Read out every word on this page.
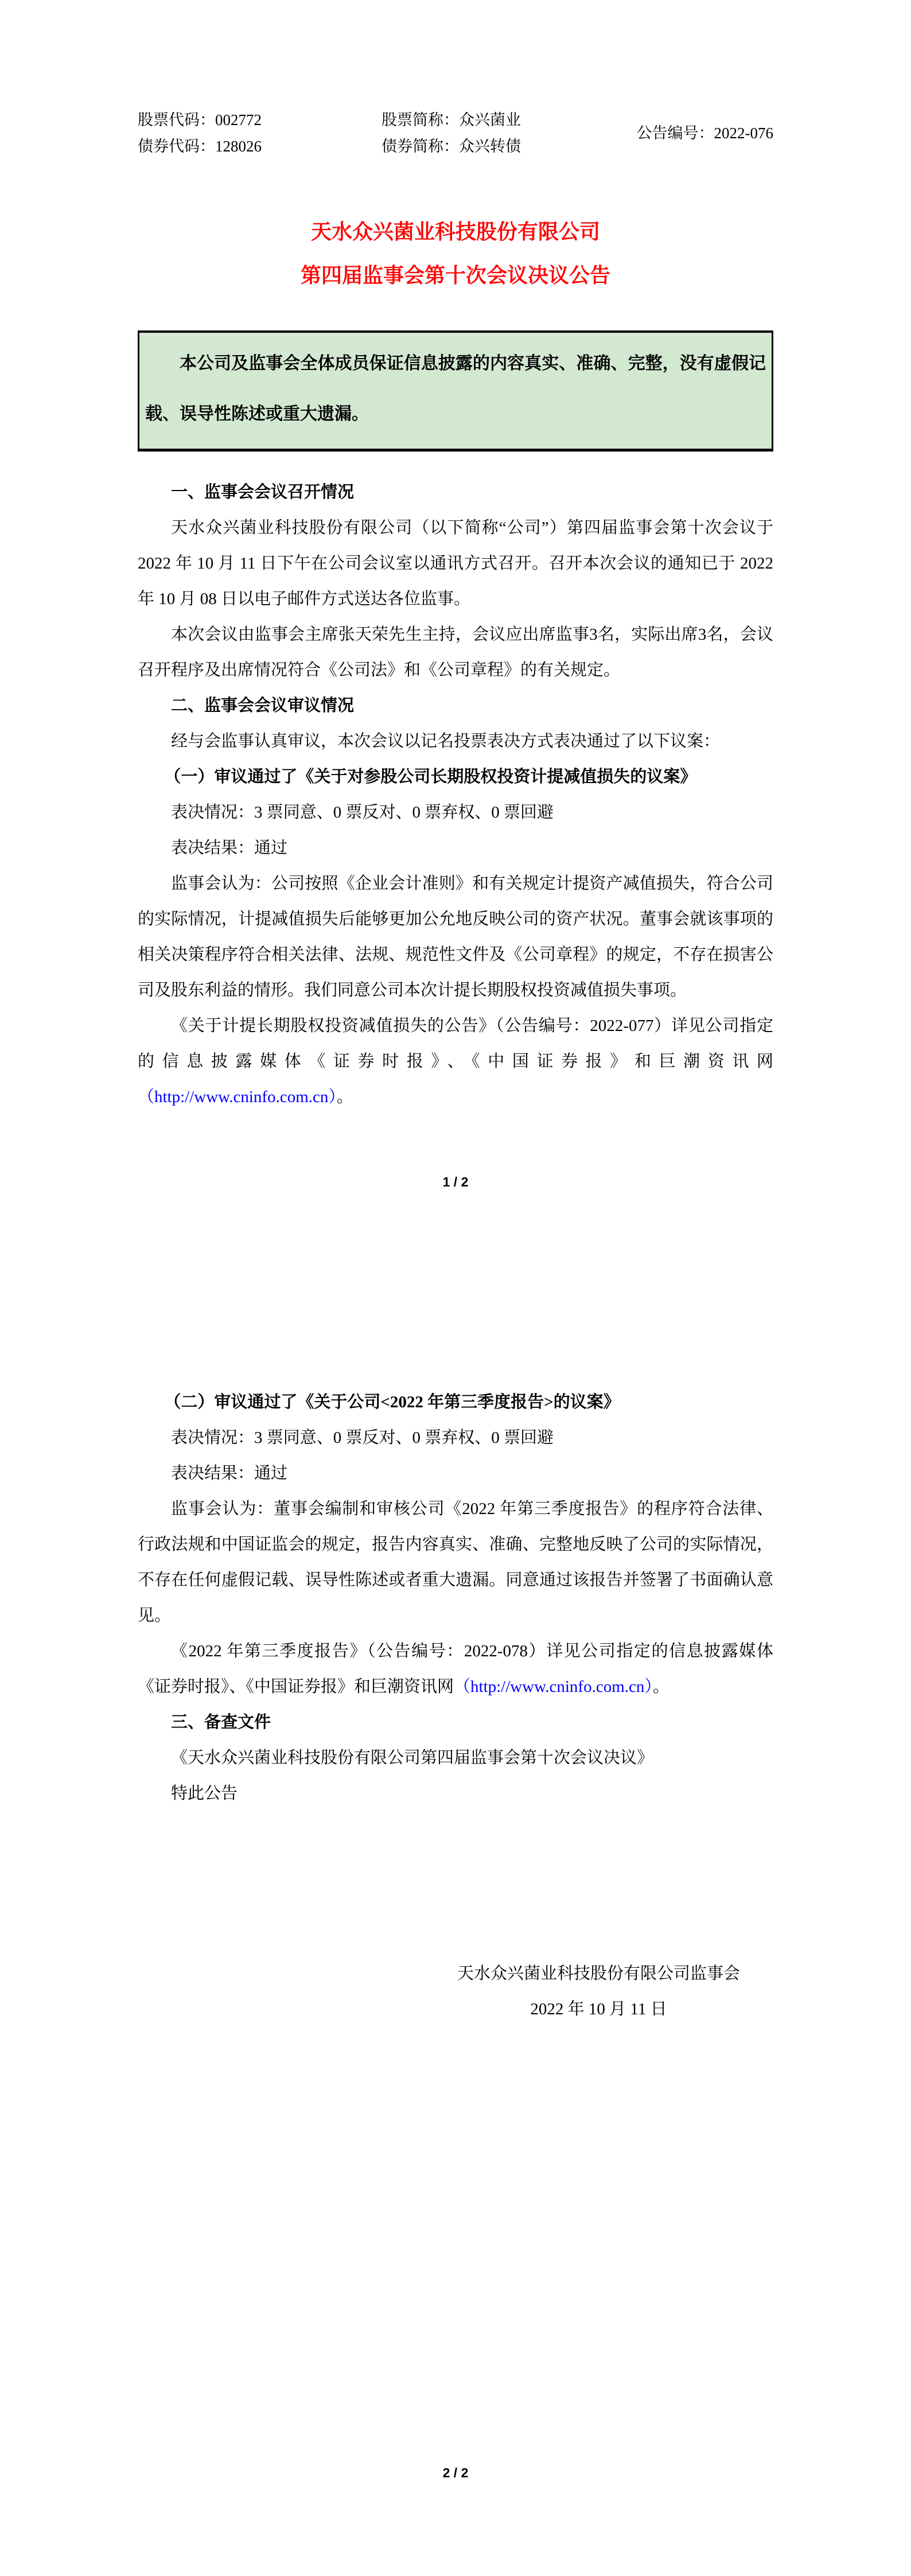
股票代码：002772
债券代码：128026
股票简称：众兴菌业
债券简称：众兴转债
公告编号：2022-076
天水众兴菌业科技股份有限公司
第四届监事会第十次会议决议公告

本公司及监事会全体成员保证信息披露的内容真实、准确、完整，没有虚假记载、误导性陈述或重大遗漏。

一、监事会会议召开情况

天水众兴菌业科技股份有限公司（以下简称“公司”）第四届监事会第十次会议于 2022 年 10 月 11 日下午在公司会议室以通讯方式召开。召开本次会议的通知已于 2022 年 10 月 08 日以电子邮件方式送达各位监事。

本次会议由监事会主席张天荣先生主持，会议应出席监事3名，实际出席3名，会议召开程序及出席情况符合《公司法》和《公司章程》的有关规定。

二、监事会会议审议情况

经与会监事认真审议，本次会议以记名投票表决方式表决通过了以下议案：

（一）审议通过了《关于对参股公司长期股权投资计提减值损失的议案》

表决情况：3 票同意、0 票反对、0 票弃权、0 票回避

表决结果：通过

监事会认为：公司按照《企业会计准则》和有关规定计提资产减值损失，符合公司的实际情况，计提减值损失后能够更加公允地反映公司的资产状况。董事会就该事项的相关决策程序符合相关法律、法规、规范性文件及《公司章程》的规定，不存在损害公司及股东利益的情形。我们同意公司本次计提长期股权投资减值损失事项。

《关于计提长期股权投资减值损失的公告》（公告编号：2022-077）详见公司指定的信息披露媒体《证券时报》、《中国证券报》和巨潮资讯网（http://www.cninfo.com.cn）。

1 / 2

（二）审议通过了《关于公司<2022 年第三季度报告>的议案》

表决情况：3 票同意、0 票反对、0 票弃权、0 票回避

表决结果：通过

监事会认为：董事会编制和审核公司《2022 年第三季度报告》的程序符合法律、行政法规和中国证监会的规定，报告内容真实、准确、完整地反映了公司的实际情况，不存在任何虚假记载、误导性陈述或者重大遗漏。同意通过该报告并签署了书面确认意见。

《2022 年第三季度报告》（公告编号：2022-078）详见公司指定的信息披露媒体《证券时报》、《中国证券报》和巨潮资讯网（http://www.cninfo.com.cn）。

三、备查文件

《天水众兴菌业科技股份有限公司第四届监事会第十次会议决议》

特此公告

天水众兴菌业科技股份有限公司监事会
2022 年 10 月 11 日
2 / 2
